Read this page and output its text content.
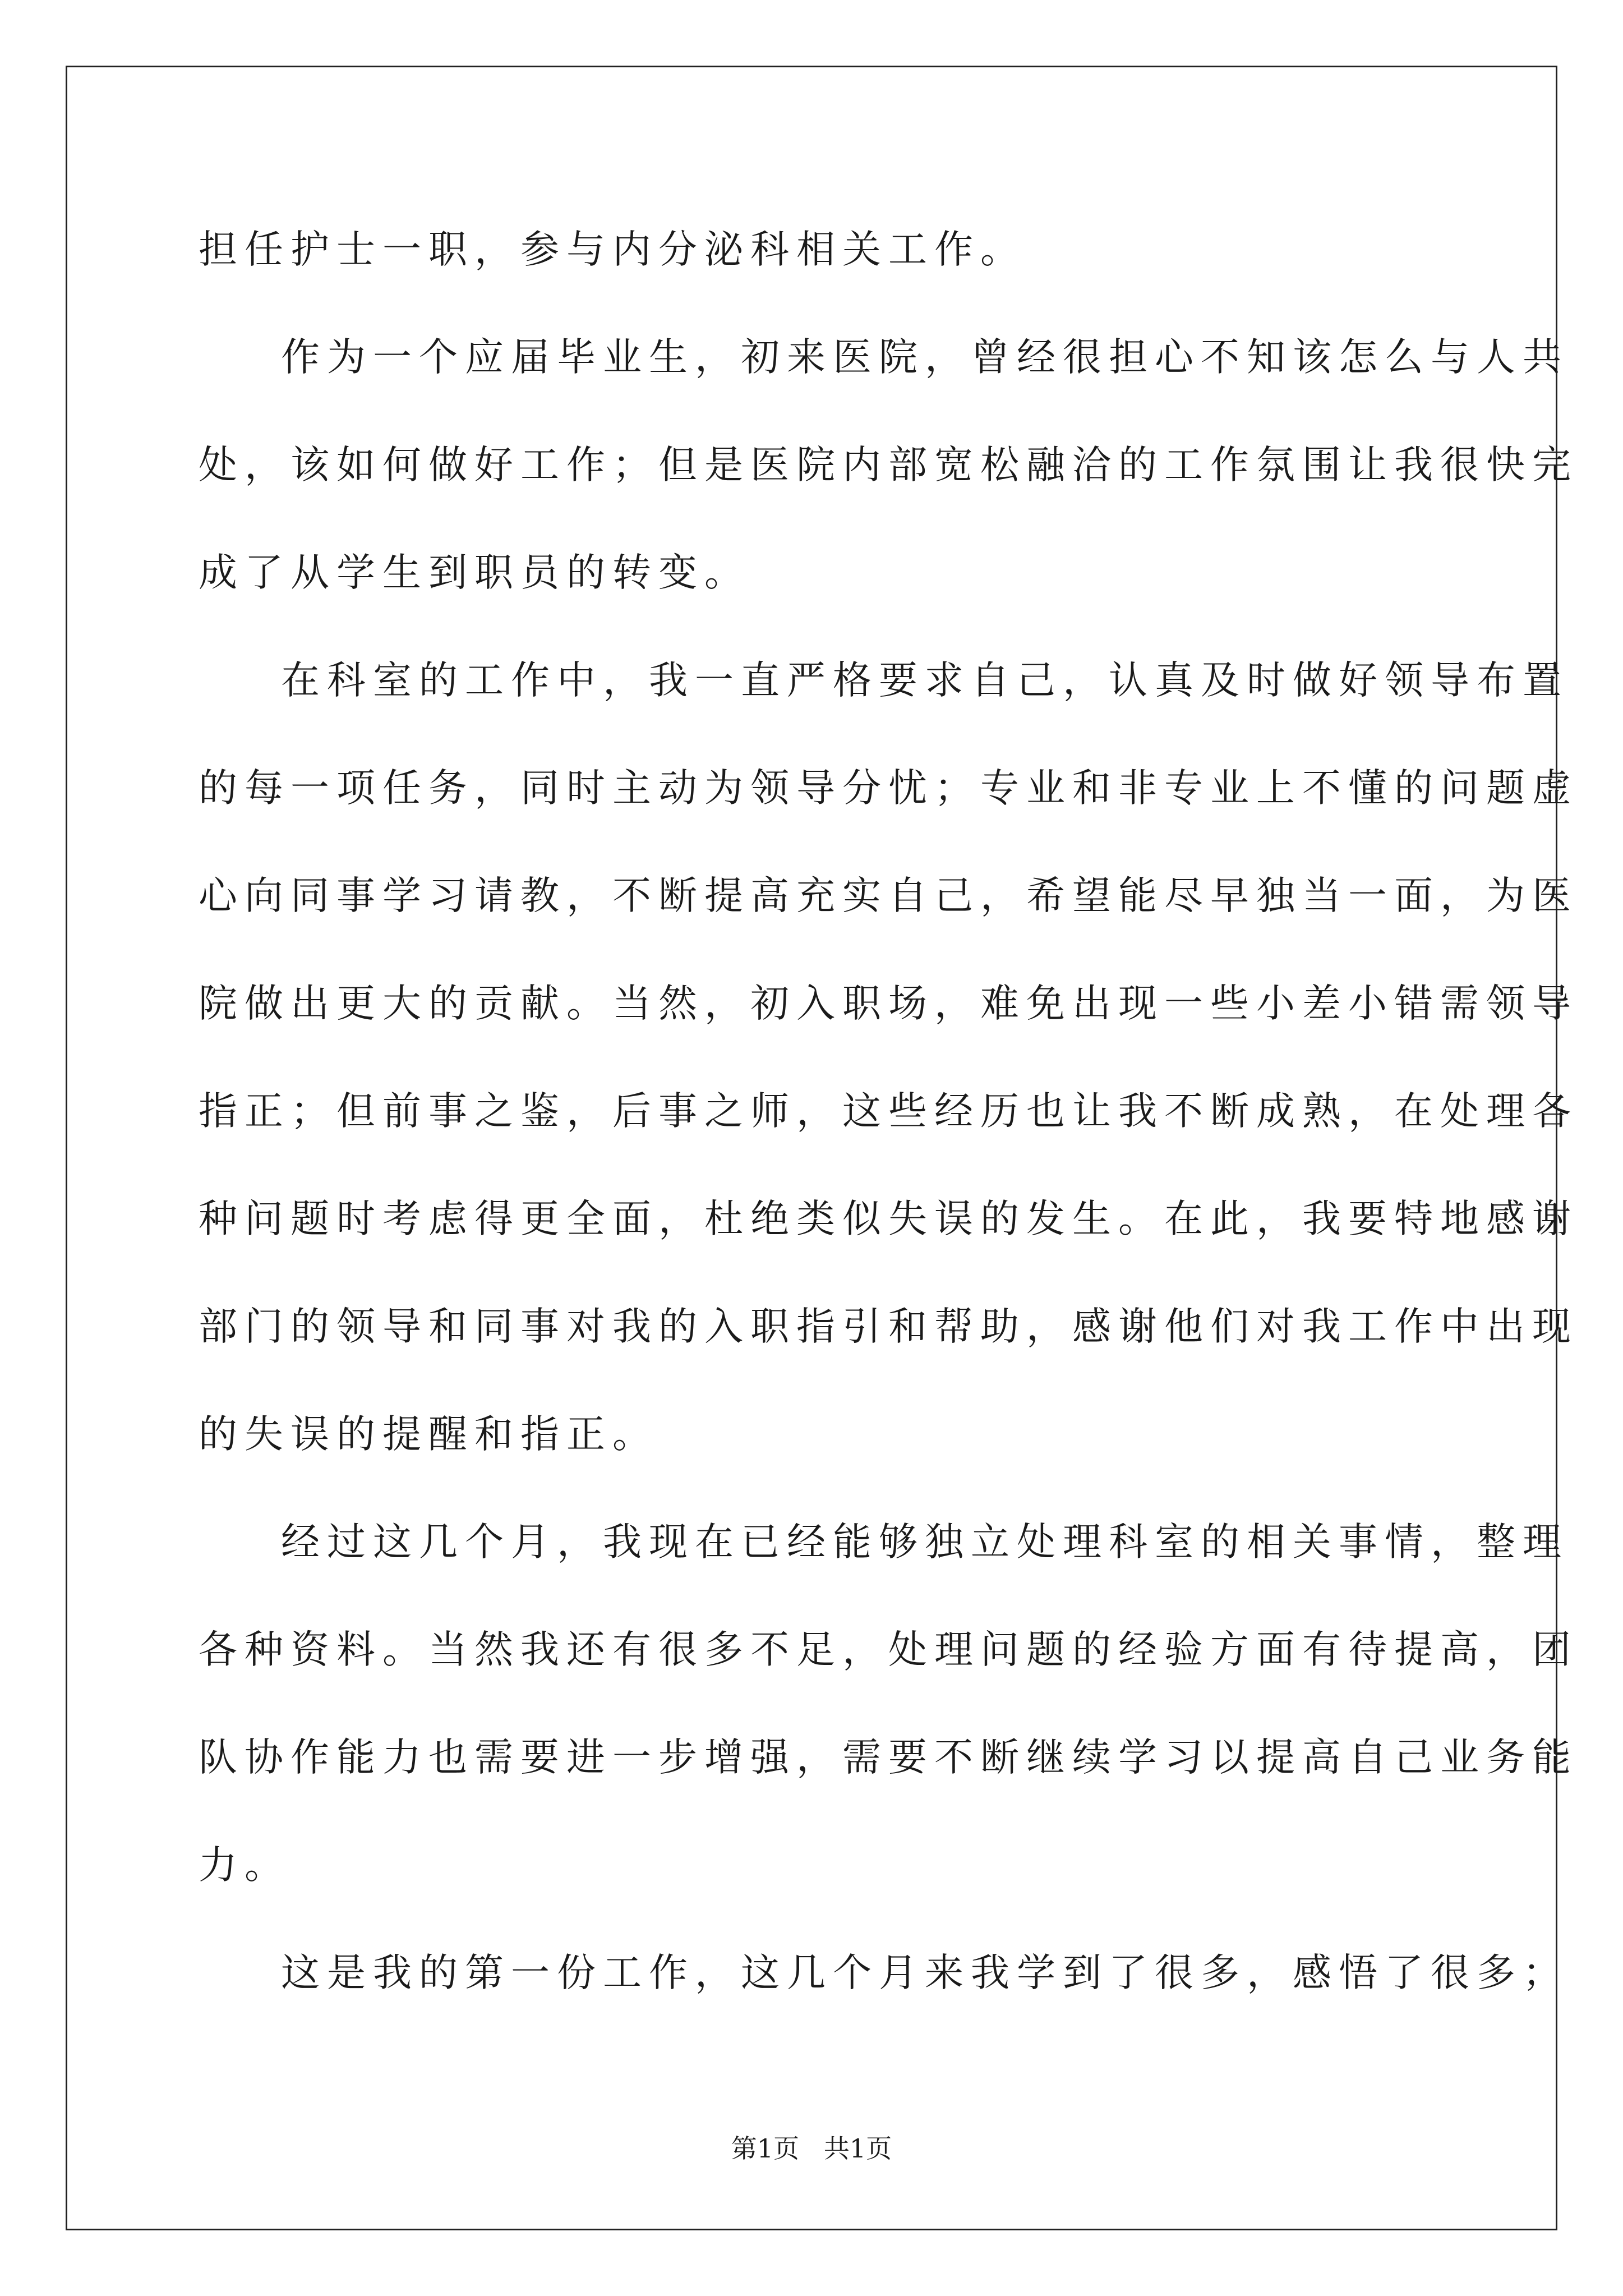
担任护士一职，参与内分泌科相关工作。
作为一个应届毕业生，初来医院，曾经很担心不知该怎么与人共
处，该如何做好工作；但是医院内部宽松融洽的工作氛围让我很快完
成了从学生到职员的转变。
在科室的工作中，我一直严格要求自己，认真及时做好领导布置
的每一项任务，同时主动为领导分忧；专业和非专业上不懂的问题虚
心向同事学习请教，不断提高充实自己，希望能尽早独当一面，为医
院做出更大的贡献。当然，初入职场，难免出现一些小差小错需领导
指正；但前事之鉴，后事之师，这些经历也让我不断成熟，在处理各
种问题时考虑得更全面，杜绝类似失误的发生。在此，我要特地感谢
部门的领导和同事对我的入职指引和帮助，感谢他们对我工作中出现
的失误的提醒和指正。
经过这几个月，我现在已经能够独立处理科室的相关事情，整理
各种资料。当然我还有很多不足，处理问题的经验方面有待提高，团
队协作能力也需要进一步增强，需要不断继续学习以提高自己业务能
力。
这是我的第一份工作，这几个月来我学到了很多，感悟了很多；
第1页   共1页
